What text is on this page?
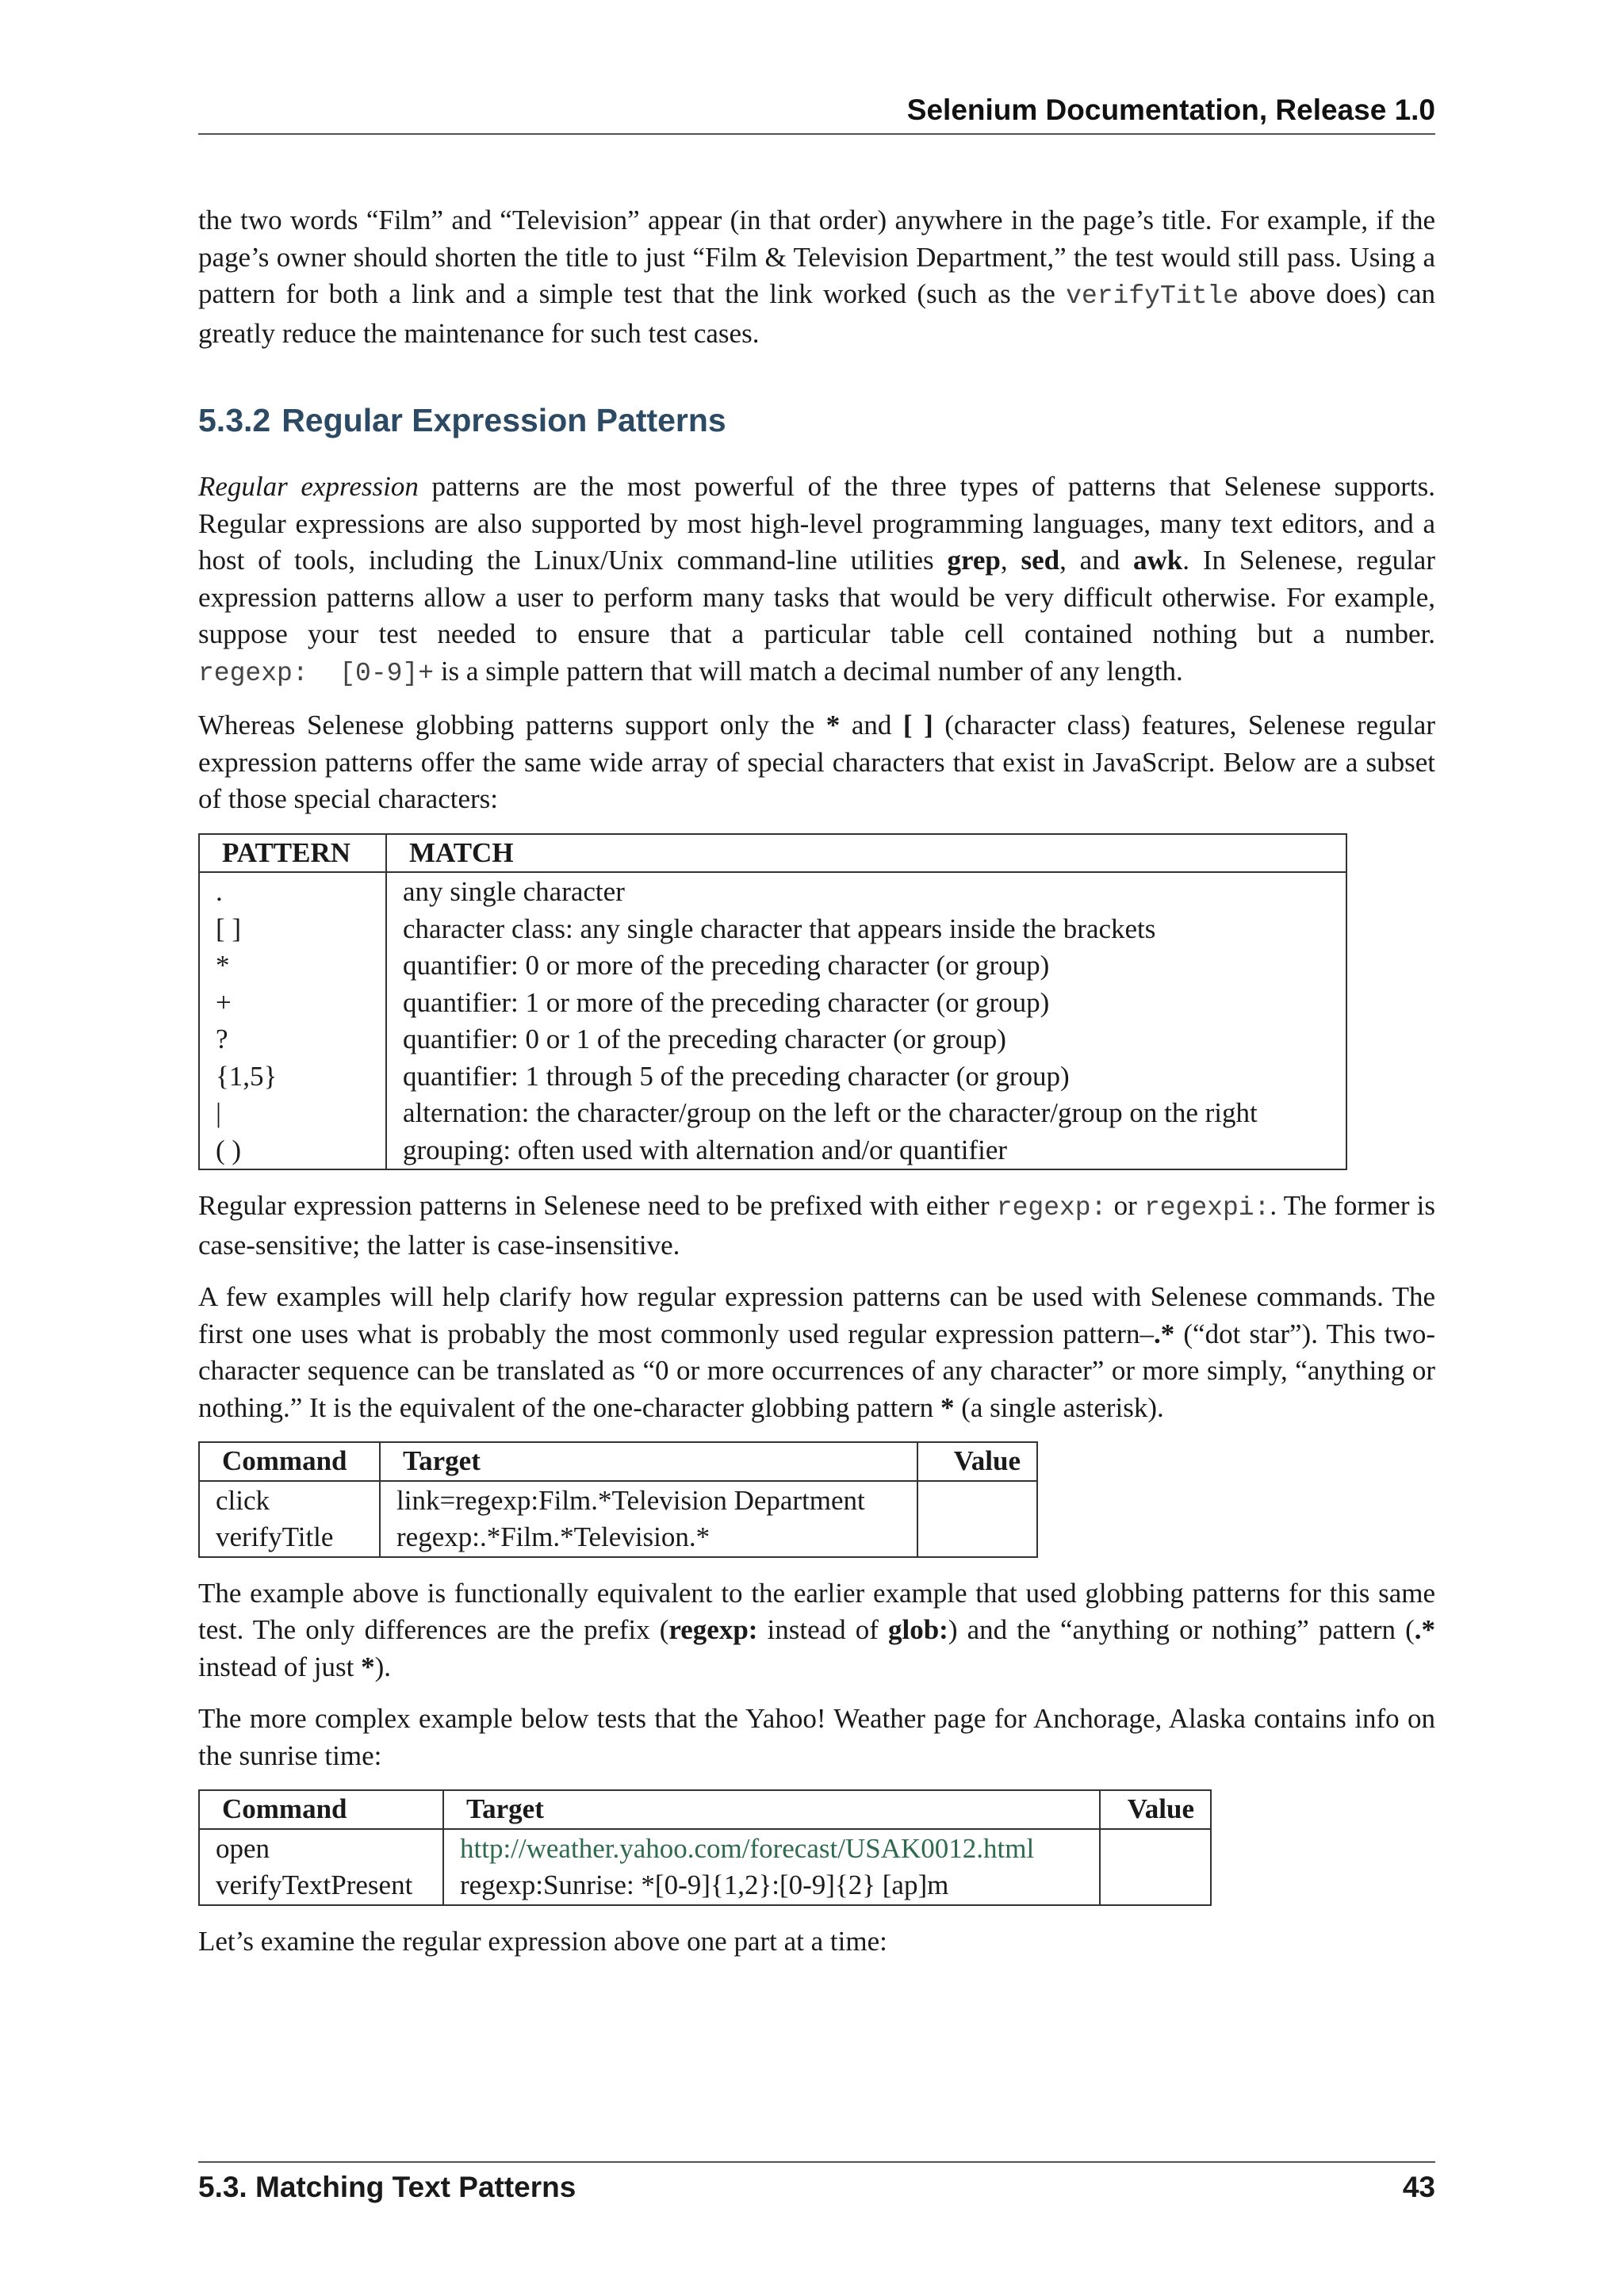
Selenium Documentation, Release 1.0

the two words “Film” and “Television” appear (in that order) anywhere in the page’s title. For example, if the page’s owner should shorten the title to just “Film & Television Department,” the test would still pass. Using a pattern for both a link and a simple test that the link worked (such as the verifyTitle above does) can greatly reduce the maintenance for such test cases.

5.3.2 Regular Expression Patterns

Regular expression patterns are the most powerful of the three types of patterns that Selenese supports. Regular expressions are also supported by most high-level programming languages, many text editors, and a host of tools, including the Linux/Unix command-line utilities grep, sed, and awk. In Selenese, regular expression patterns allow a user to perform many tasks that would be very difficult otherwise. For example, suppose your test needed to ensure that a particular table cell contained nothing but a number. regexp:  [0-9]+ is a simple pattern that will match a decimal number of any length.

Whereas Selenese globbing patterns support only the * and [ ] (character class) features, Selenese regular expression patterns offer the same wide array of special characters that exist in JavaScript. Below are a subset of those special characters:

PATTERN	MATCH
.	any single character
[ ]	character class: any single character that appears inside the brackets
*	quantifier: 0 or more of the preceding character (or group)
+	quantifier: 1 or more of the preceding character (or group)
?	quantifier: 0 or 1 of the preceding character (or group)
{1,5}	quantifier: 1 through 5 of the preceding character (or group)
|	alternation: the character/group on the left or the character/group on the right
( )	grouping: often used with alternation and/or quantifier

Regular expression patterns in Selenese need to be prefixed with either regexp: or regexpi:. The former is case-sensitive; the latter is case-insensitive.

A few examples will help clarify how regular expression patterns can be used with Selenese commands. The first one uses what is probably the most commonly used regular expression pattern–.* (“dot star”). This two-character sequence can be translated as “0 or more occurrences of any character” or more simply, “anything or nothing.” It is the equivalent of the one-character globbing pattern * (a single asterisk).

Command	Target	Value
click	link=regexp:Film.*Television Department	
verifyTitle	regexp:.*Film.*Television.*	

The example above is functionally equivalent to the earlier example that used globbing patterns for this same test. The only differences are the prefix (regexp: instead of glob:) and the “anything or nothing” pattern (.* instead of just *).

The more complex example below tests that the Yahoo! Weather page for Anchorage, Alaska contains info on the sunrise time:

Command	Target	Value
open	http://weather.yahoo.com/forecast/USAK0012.html	
verifyTextPresent	regexp:Sunrise: *[0-9]{1,2}:[0-9]{2} [ap]m	

Let’s examine the regular expression above one part at a time:

5.3. Matching Text Patterns	43
